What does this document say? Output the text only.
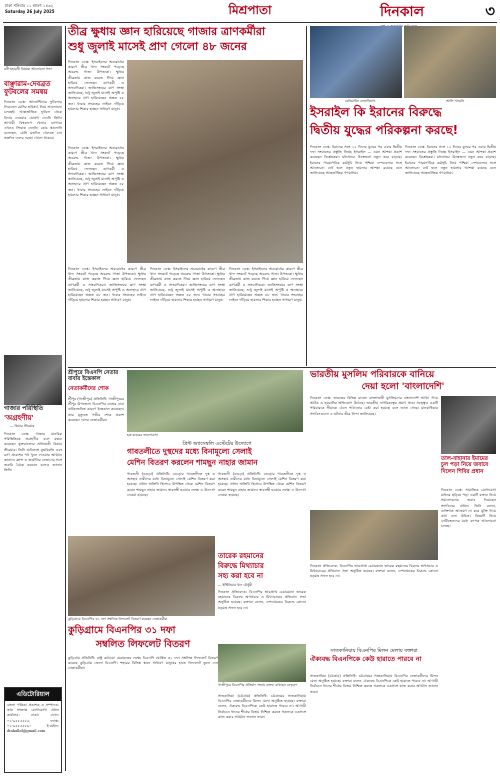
ঢাকা শনিবার ১১ শ্রাবণ ১৪৩২
Saturday 26 July 2025	মিশ্রপাতা	দিনকাল	৩
রথী-মহারথী বিষয়ক আলোচনা সভা
বাঞ্ছারাম-দেবব্রত ফুটবলের সমন্বয়
দিনকাল ডেস্ক: আর্জেন্টিনার ফুটবলার লিওনেল মেসির ভবিষ্যৎ নিয়ে আলোচনা চলছেই। আন্তর্জাতিক ফুটবল থেকে বিদায় নেওয়ার ঘোষণা দেননি তিনি। আগামী বিশ্বকাপে খেলার ব্যাপারে এখনও সিদ্ধান্ত নেননি। কোচ স্কালোনি বলেছেন, মেসি যতদিন খেলতে চান ততদিন দলের দরজা খোলা থাকবে।
গাজার পরিস্থিতি
'অগ্রহণীয়'
— কিয়ার স্টারমার
দিনকাল ডেস্ক: গাজার মানবিক পরিস্থিতিকে অগ্রহণীয় বলে মন্তব্য করেছেন যুক্তরাজ্যের প্রধানমন্ত্রী কিয়ার স্টারমার। তিনি অবিলম্বে যুদ্ধবিরতি এবং ত্রাণ প্রবেশের পথ খুলে দেওয়ার আহ্বান জানান। ফ্রান্স ও জার্মানির নেতাদের সঙ্গে জরুরি বৈঠক করবেন বলেও জানান তিনি।
এডিটোরিয়াল
বাংলা পত্রিকা প্রকাশক ও সম্পাদক: তথ্য সংক্রান্ত যোগাযোগ। প্রধান কার্যালয়: ঢাকা। ফোন: ০২-৯৫৫৫৫৫৫, ফ্যাক্স: ০২-৯৫৫৫৫৫৬। ই-মেইল: dinkalbd@gmail.com
তীব্র ক্ষুধায় জ্ঞান হারিয়েছে গাজার ত্রাণকর্মীরা
শুধু জুলাই মাসেই প্রাণ গেলো ৪৮ জনের
দিনকাল ডেস্ক: ইসরাইলের অবরোধের কারণে তীব্র খাদ্য সংকটে পড়েছে অবরুদ্ধ গাজা উপত্যকা। ক্ষুধার তীব্রতায় কাজ করতে গিয়ে জ্ঞান হারিয়ে ফেলছেন ত্রাণকর্মী ও সাংবাদিকরা। জাতিসংঘের ত্রাণ সংস্থা জানিয়েছে, শুধু জুলাই মাসেই অপুষ্টি ও অনাহারে প্রাণ হারিয়েছেন অন্তত ৪৮ জন। খাবার সংগ্রহের লাইনে দাঁড়িয়ে হামলার শিকার হচ্ছেন সাধারণ মানুষ।
দিনকাল ডেস্ক: ইসরাইলের অবরোধের কারণে তীব্র খাদ্য সংকটে পড়েছে অবরুদ্ধ গাজা উপত্যকা। ক্ষুধার তীব্রতায় কাজ করতে গিয়ে জ্ঞান হারিয়ে ফেলছেন ত্রাণকর্মী ও সাংবাদিকরা। জাতিসংঘের ত্রাণ সংস্থা জানিয়েছে, শুধু জুলাই মাসেই অপুষ্টি ও অনাহারে প্রাণ হারিয়েছেন অন্তত ৪৮ জন। খাবার সংগ্রহের লাইনে দাঁড়িয়ে হামলার শিকার হচ্ছেন সাধারণ মানুষ।
দিনকাল ডেস্ক: ইসরাইলের অবরোধের কারণে তীব্র খাদ্য সংকটে পড়েছে অবরুদ্ধ গাজা উপত্যকা। ক্ষুধার তীব্রতায় কাজ করতে গিয়ে জ্ঞান হারিয়ে ফেলছেন ত্রাণকর্মী ও সাংবাদিকরা। জাতিসংঘের ত্রাণ সংস্থা জানিয়েছে, শুধু জুলাই মাসেই অপুষ্টি ও অনাহারে প্রাণ হারিয়েছেন অন্তত ৪৮ জন। খাবার সংগ্রহের লাইনে দাঁড়িয়ে হামলার শিকার হচ্ছেন সাধারণ মানুষ।
দিনকাল ডেস্ক: ইসরাইলের অবরোধের কারণে তীব্র খাদ্য সংকটে পড়েছে অবরুদ্ধ গাজা উপত্যকা। ক্ষুধার তীব্রতায় কাজ করতে গিয়ে জ্ঞান হারিয়ে ফেলছেন ত্রাণকর্মী ও সাংবাদিকরা। জাতিসংঘের ত্রাণ সংস্থা জানিয়েছে, শুধু জুলাই মাসেই অপুষ্টি ও অনাহারে প্রাণ হারিয়েছেন অন্তত ৪৮ জন। খাবার সংগ্রহের লাইনে দাঁড়িয়ে হামলার শিকার হচ্ছেন সাধারণ মানুষ।
দিনকাল ডেস্ক: ইসরাইলের অবরোধের কারণে তীব্র খাদ্য সংকটে পড়েছে অবরুদ্ধ গাজা উপত্যকা। ক্ষুধার তীব্রতায় কাজ করতে গিয়ে জ্ঞান হারিয়ে ফেলছেন ত্রাণকর্মী ও সাংবাদিকরা। জাতিসংঘের ত্রাণ সংস্থা জানিয়েছে, শুধু জুলাই মাসেই অপুষ্টি ও অনাহারে প্রাণ হারিয়েছেন অন্তত ৪৮ জন। খাবার সংগ্রহের লাইনে দাঁড়িয়ে হামলার শিকার হচ্ছেন সাধারণ মানুষ।
বেনিয়ামিন নেতানিয়াহু	আলি খামেনি
ইসরাইল কি ইরানের বিরুদ্ধে
দ্বিতীয় যুদ্ধের পরিকল্পনা করছে!
দিনকাল ডেস্ক: ইরানের সঙ্গে ১২ দিনের যুদ্ধের পর এবার দ্বিতীয় দফা সংঘাতের প্রস্তুতি নিচ্ছে ইসরাইল — এমন আশঙ্কা প্রকাশ করেছেন বিশ্লেষকরা। মধ্যপ্রাচ্যে উত্তেজনা নতুন করে বাড়ছে। ইরানের পারমাণবিক কর্মসূচি নিয়ে পশ্চিমা দেশগুলোর সঙ্গে আলোচনা ব্যর্থ হলে নতুন হামলার আশঙ্কা রয়েছে বলে জানিয়েছে আন্তর্জাতিক গণমাধ্যম।
দিনকাল ডেস্ক: ইরানের সঙ্গে ১২ দিনের যুদ্ধের পর এবার দ্বিতীয় দফা সংঘাতের প্রস্তুতি নিচ্ছে ইসরাইল — এমন আশঙ্কা প্রকাশ করেছেন বিশ্লেষকরা। মধ্যপ্রাচ্যে উত্তেজনা নতুন করে বাড়ছে। ইরানের পারমাণবিক কর্মসূচি নিয়ে পশ্চিমা দেশগুলোর সঙ্গে আলোচনা ব্যর্থ হলে নতুন হামলার আশঙ্কা রয়েছে বলে জানিয়েছে আন্তর্জাতিক গণমাধ্যম।
শ্রীপুরে বিএনপি নেতার বাবার ইন্তেকাল
নেতাকর্মীদের শোক
শ্রীপুর (গাজীপুর) প্রতিনিধি: গাজীপুরের শ্রীপুর উপজেলা বিএনপির নেতার বাবা বার্ধক্যজনিত কারণে ইন্তেকাল করেছেন। তার মৃত্যুতে গভীর শোক প্রকাশ করেছেন দলের নেতাকর্মীরা।
হক-বাবরের ভালোবাসা
ভারতীয় মুসলিম পরিবারকে বানিয়ে
দেয়া হলো 'বাংলাদেশি'
দিনকাল ডেস্ক: ভারতের বিভিন্ন রাজ্যে বাংলাভাষী মুসলিমদের বাংলাদেশি আখ্যা দিয়ে আটক ও হয়রানির অভিযোগ উঠেছে। ভারতীয় নাগরিকত্বের প্রমাণ থাকা সত্ত্বেও একটি পরিবারকে সীমান্তে ঠেলে পাঠানোর চেষ্টা করা হয়েছে বলে জানা গেছে। মানবাধিকার সংগঠনগুলো এ ঘটনার তীব্র নিন্দা জানিয়েছে।
তাল-বাহানার ইমামের চুল পড়া নিয়ে জবাবে দিলেন শিবির প্রধান
দিনকাল ডেস্ক: সামাজিক যোগাযোগ মাধ্যমে ছড়িয়ে পড়া একটি বক্তব্য নিয়ে সমালোচনার জবাব দিয়েছেন সংগঠনের প্রধান। তিনি বলেন, ব্যক্তিগত আক্রমণ না করে যুক্তি দিয়ে কথা বলা উচিত। বিষয়টি নিয়ে নেটিজেনদের মধ্যে ব্যাপক আলোচনা চলছে।
প্রিন্ট অ্যাসেম্বলি এস্টেটের উদ্যোগে
গাবতলীতে দুস্থদের মধ্যে বিনামূল্যে সেলাই
মেশিন বিতরণ করলেন শামছুন নাহার জামান
গাবতলী (বগুড়া) প্রতিনিধি: বগুড়ার গাবতলীতে দুস্থ ও অসহায় নারীদের মধ্যে বিনামূল্যে সেলাই মেশিন বিতরণ করা হয়েছে। প্রধান অতিথি হিসেবে উপস্থিত থেকে মেশিন বিতরণ করেন শামছুন নাহার জামান। স্বাবলম্বী হওয়ার লক্ষ্যে এ উদ্যোগ নেওয়া হয়েছে।
গাবতলী (বগুড়া) প্রতিনিধি: বগুড়ার গাবতলীতে দুস্থ ও অসহায় নারীদের মধ্যে বিনামূল্যে সেলাই মেশিন বিতরণ করা হয়েছে। প্রধান অতিথি হিসেবে উপস্থিত থেকে মেশিন বিতরণ করেন শামছুন নাহার জামান। স্বাবলম্বী হওয়ার লক্ষ্যে এ উদ্যোগ নেওয়া হয়েছে।
তারেক রহমানের
বিরুদ্ধে মিথ্যাচার
সহ্য করা হবে না
— ইঞ্জিনিয়ার খান চৌধুরী
দিনকাল প্রতিবেদক: বিএনপির ভারপ্রাপ্ত চেয়ারম্যান তারেক রহমানের বিরুদ্ধে অপপ্রচার ও মিথ্যাচারের প্রতিবাদে সভা অনুষ্ঠিত হয়েছে। বক্তারা বলেন, দেশনায়কের বিরুদ্ধে কোনো ষড়যন্ত্র সফল হবে না।
দিনকাল প্রতিবেদক: বিএনপির ভারপ্রাপ্ত চেয়ারম্যান তারেক রহমানের বিরুদ্ধে অপপ্রচার ও মিথ্যাচারের প্রতিবাদে সভা অনুষ্ঠিত হয়েছে। বক্তারা বলেন, দেশনায়কের বিরুদ্ধে কোনো ষড়যন্ত্র সফল হবে না।
কুড়িগ্রামে বিএনপির ৩১ দফা সম্বলিত লিফলেট বিতরণ করছেন নেতাকর্মীরা
কুড়িগ্রামে বিএনপির ৩১ দফা
সম্বলিত লিফলেট বিতরণ
কুড়িগ্রাম প্রতিনিধি: রাষ্ট্র কাঠামো মেরামতের লক্ষ্যে বিএনপি ঘোষিত ৩১ দফা সম্বলিত লিফলেট বিতরণ করেছে কুড়িগ্রাম জেলা বিএনপি। শহরের বিভিন্ন স্থানে সাধারণ মানুষের হাতে লিফলেট তুলে দেন নেতাকর্মীরা।
গাজীপুরে বিএনপির প্রতিবাদ সভায় বক্তব্য রাখছেন নেতৃবৃন্দ
সাতকানিয়ায় বিএনপির মিলন মেলায় বক্তারা
ঐক্যবদ্ধ বিএনপিকে কেউ হারাতে পারবে না
সাতকানিয়া (চট্টগ্রাম) প্রতিনিধি: চট্টগ্রামের সাতকানিয়ায় বিএনপির নেতাকর্মীদের মিলন মেলা অনুষ্ঠিত হয়েছে। বক্তারা বলেন, ঐক্যবদ্ধ বিএনপিকে কেউ হারাতে পারবে না। আগামী নির্বাচনে ধানের শীষের বিজয় নিশ্চিত করতে সকলকে একসঙ্গে কাজ করার আহ্বান জানান তারা।
সাতকানিয়া (চট্টগ্রাম) প্রতিনিধি: চট্টগ্রামের সাতকানিয়ায় বিএনপির নেতাকর্মীদের মিলন মেলা অনুষ্ঠিত হয়েছে। বক্তারা বলেন, ঐক্যবদ্ধ বিএনপিকে কেউ হারাতে পারবে না। আগামী নির্বাচনে ধানের শীষের বিজয় নিশ্চিত করতে সকলকে একসঙ্গে কাজ করার আহ্বান জানান তারা।
